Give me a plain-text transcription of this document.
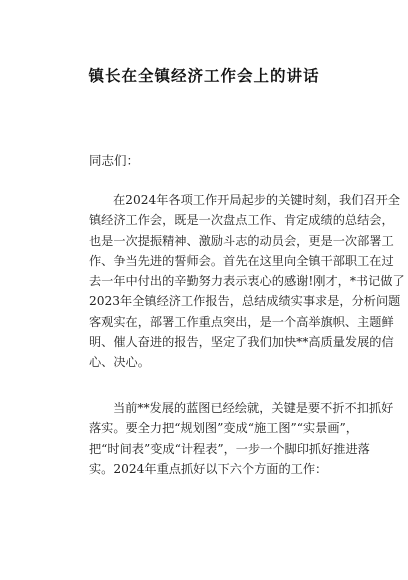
镇长在全镇经济工作会上的讲话
同志们：
在2024年各项工作开局起步的关键时刻，我们召开全
镇经济工作会，既是一次盘点工作、肯定成绩的总结会，
也是一次提振精神、激励斗志的动员会，更是一次部署工
作、争当先进的誓师会。首先在这里向全镇干部职工在过
去一年中付出的辛勤努力表示衷心的感谢!刚才，*书记做了
2023年全镇经济工作报告，总结成绩实事求是，分析问题
客观实在，部署工作重点突出，是一个高举旗帜、主题鲜
明、催人奋进的报告，坚定了我们加快**高质量发展的信
心、决心。
当前**发展的蓝图已经绘就，关键是要不折不扣抓好
落实。要全力把“规划图”变成“施工图”“实景画”，
把“时间表”变成“计程表”，一步一个脚印抓好推进落
实。2024年重点抓好以下六个方面的工作：
